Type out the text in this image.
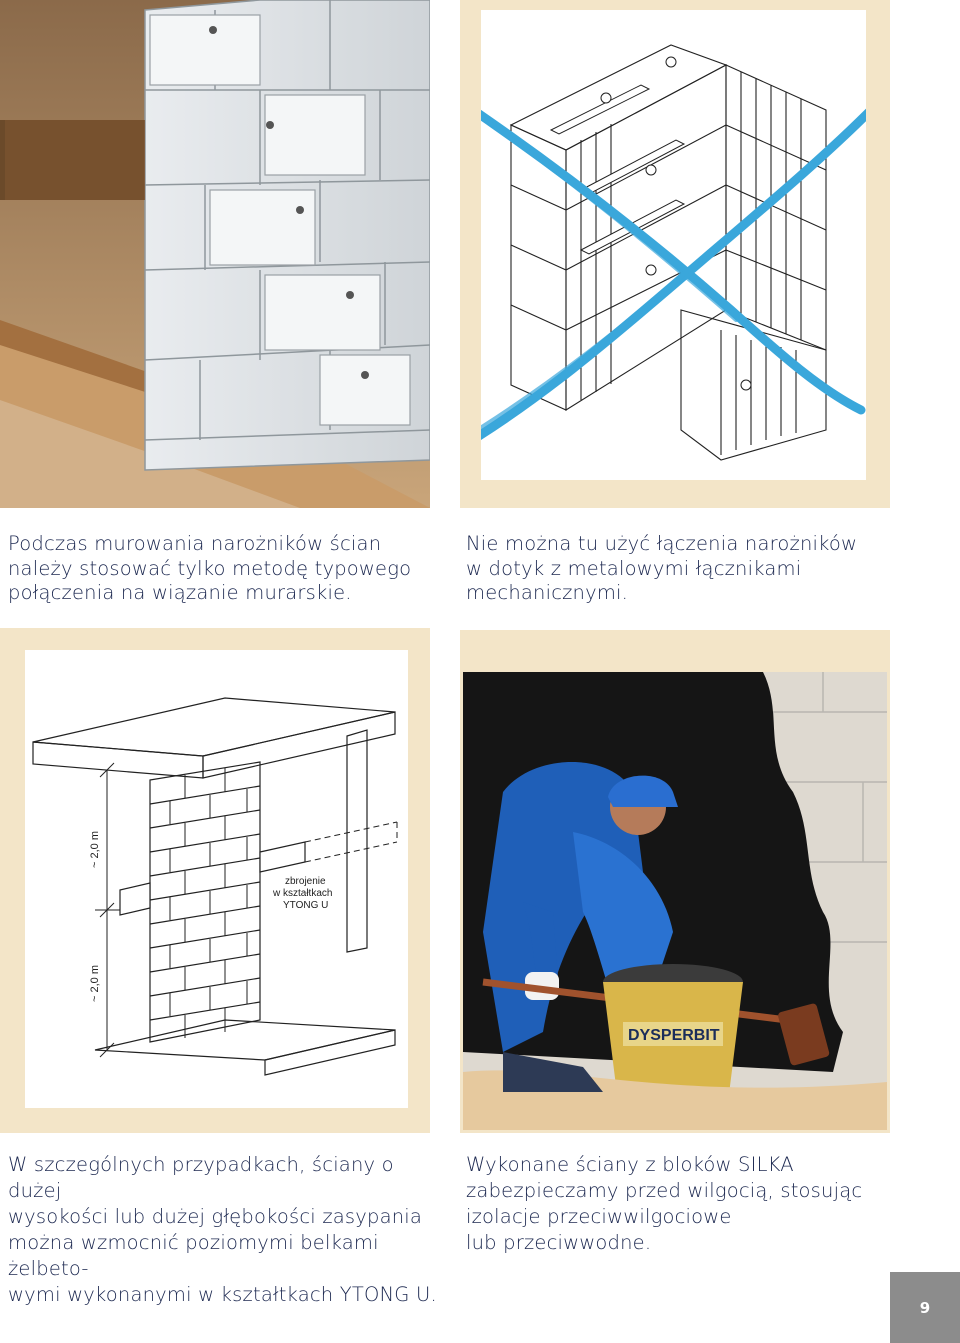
Podczas murowania narożników ścian
należy stosować tylko metodę typowego
połączenia na wiązanie murarskie.
Nie można tu użyć łączenia narożników
w dotyk z metalowymi łącznikami
mechanicznymi.
~ 2,0 m
~ 2,0 m
zbrojenie
w kształtkach
YTONG U
DYSPERBIT
W szczególnych przypadkach, ściany o dużej
wysokości lub dużej głębokości zasypania
można wzmocnić poziomymi belkami żelbeto-
wymi wykonanymi w kształtkach YTONG U.
Wykonane ściany z bloków SILKA
zabezpieczamy przed wilgocią, stosując
izolacje przeciwwilgociowe
lub przeciwwodne.
9
